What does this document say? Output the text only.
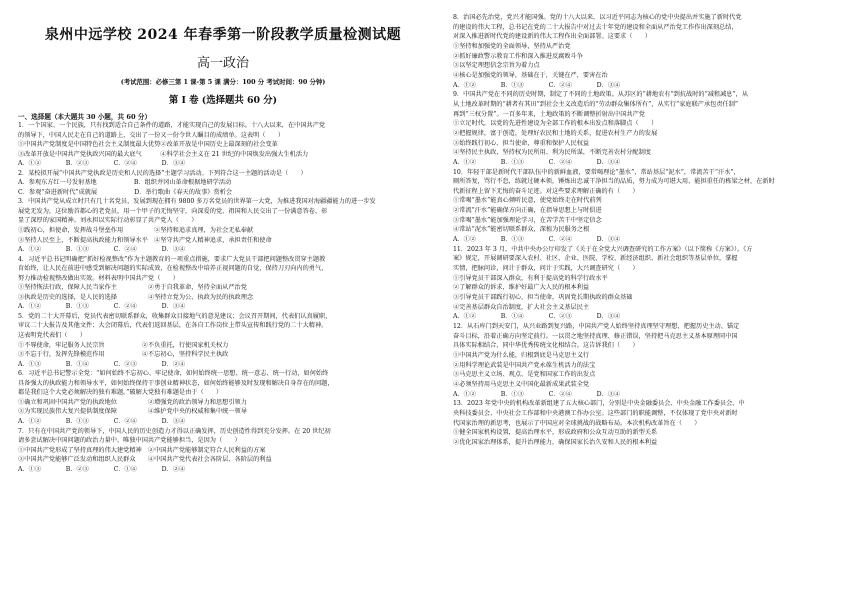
泉州中远学校 2024 年春季第一阶段教学质量检测试题
高一政治
(考试范围：必修三第 1 课-第 5 课 满分：100 分 考试时间：90 分钟)
第 I 卷 (选择题共 60 分)
一、选择题（本大题共 30 小题，共 60 分）
1．一个国家、一个民族，只有找到适合自己条件的道路，才能实现自己的发展目标。十八大以来，在中国共产党
的领导下，中国人民走在自己的道路上，交出了一份又一份令世人瞩目的成绩单。这表明（　　）
①中国共产党制度是中国特色社会主义制度最大优势②改革开放是中国历史上最深刻的社会变革
③改革开放是中国共产党执政兴国的最大底气　　　④科学社会主义在 21 世纪的中国焕发出强大生机活力
A．①②　　　　B．②③　　　　C．②④　　　　D．③④
2．某校拟开展“中国共产党执政是历史和人民的选择”主题学习活动。下列符合这一主题的活动是（　　）
A．参观东方红一号发射基地　　　　　　B．组织井冈山革命根据地研学活动
C．参观“奋进新时代”成就展　　　　　　D．举行歌曲《春天的故事》赏析会
3．中国共产党从成立时只有几十名党员，发展到现在拥有 9800 多万名党员的世界第一大党，为推进我国对海疆疆能力的进一步发
展党无发为，这位励首都心的老党员，用一个甲子的无悔坚守，向深爱的党、祖国和人民交出了一份满意答卷，彰
显了深厚的家国精神。刘永担以实际行动彰显了共产党人（　　）
①践初心，担使命，发挥战斗堡垒作用　　　　　②坚持和追求真理，为社会无私奉献
③坚持人民至上，不断提高执政能力和领导水平　④坚守共产党人精神追求，承担责任和使命
A．①②　　　　B．①③　　　　C．②④　　　　D．③④
4．习近平总书记明确把“抓好检视整改”作为主题教育的一项重点措施，要求广大党员干部把问题整改贯穿主题教
育始终，让人民在前进中感受到解决问题的实际成效，在检视整改中培养正视问题的自觉，保持刀刃向内的勇气，
努力推动检视整改做出实效。材料表明中国共产党（　　）
①坚持恢法行政，保障人民当家作主　　　　　②勇于自我革命，坚持全面从严治党
③执政是历史的选择，是人民的选择　　　　　④坚持立党为公、执政为民的执政理念
A．①②　　　　B．①③　　　　C．②④　　　　D．③④
5．党的二十大开幕后，党员代表密切联系群众，收集群众目接地气的意见建议；会议召开期间，代表们认真履职，
审议二十大报告及其他文件；大会闭幕后，代表们返回基层，在各自工作岗位上带头宣传和践行党的二十大精神。
这表明党代表们（　　）
①不辱使命，牢记服务人民宗旨　　　　　　②不负重托，行使国家机关权力
③不忘于行，发挥先锋模范作用　　　　　　④不忘初心，坚持科学民主执政
A．①③　　　　B．①④　　　　C．②③　　　　D．②④
6．习近平总书记警示全党：“如何始终不忘初心、牢记使命，如何始终统一思想、统一意志、统一行动，如何始终
具备强大的执政能力和领导水平，如何始终保持干事创业精神状态，如何始终能够及时发现和解决自身存在的问题，
都是我们这个大党必须解决的独有难题。”破解大党独有难题是由于（　　）
①确立和巩固中国共产党的执政地位　　　　　②增强党的政治领导力和思想引领力
③为实现民族伟大复兴提供制度保障　　　　　④维护党中央的权威和集中统一领导
A．①②　　　　B．①③　　　　C．②④　　　　D．③④
7．只有在中国共产党的领导下，中国人民的历史创造力才得以正确发挥，历史创造性得到充分发挥。在 20 世纪初
请多尝试解决中国问题的政治力量中，唯独中国共产党能够担当，是因为（　　）
①中国共产党形成了坚持真理的伟大建党精神　②中国共产党能够制定符合人民利益的方案
③中国共产党能够广泛发动和组织人民群众　　④中国共产党代表社会各阶层、各阶层的利益
A．①③　　　　B．②③　　　　C．①④　　　　D．②④
8．治国必先治党，党兴才能国强。党的十八大以来，以习近平同志为核心的党中央提出并实施了新时代党
的建设的伟大工程，总书记在党的二十大报告中对过去十年党的建设和全面从严治党工作作出深刻总结，
对深入推进新时代党的建设新的伟大工程作出全面部署。这要求（　　）
①坚持和加强党的全面领导，坚持从严治党
②抓好廉政警示教育工作和深入推进反腐败斗争
③以坚定理想信念宗旨为着力点
④核心是加强党的领导，基础在于，关键在严，要害在治
A．①②　　　　B．①③　　　　C．②④　　　　D．③④
9．中国共产党在不同的历史时期，制定了不同的土地政策。从苏区的“耕地农有”到抗战时的“减租减息”，从
从土地改革时期的“耕者有其田”到社会主义改造后的“劳动群众集体所有”，从实行“家庭联产承包责任制”
再到“三权分置”。一百多年来，土地政策的不断调整折射出中国共产党
①立足时代，以党的先进性建设为全部工作的根本出发点和落脚点（　　）
②把握规律，富于创造，处理好农民和土地的关系，促进农村生产力的发展
③始终践行初心、担当使命，尊重和保护人民权益
④坚持民主执政，坚持权为民所用、利为民所谋，不断完善农村分配制度
A．①②　　　　B．①③　　　　C．②④　　　　D．③④
10．年轻干部是新时代干部队伍中的新鲜血液，要常喝理论“墨水”，常站基层“泥水”，常流苦干“汗水”，
厕所答复，骂行不怠，练就过硬本领，锤炼出忠诚干净担当的品质，努力成为可堪大用、能担重任的栋梁之材，在新时
代新征程上留下无悔的奋斗足迹。对这些要求理解正确的有（　　）
①常喝“墨水”能真心倾听民意，使党始终走在时代前列
②常流“汗水”能确保方向正确，在指导思想上与时俱进
③常喝“墨水”能加强理论学习，在苦学苦干中坚定信念
④常站“泥水”能密切联系群众，深植为民服务之根
A．①②　　　　B．①③　　　　C．②④　　　　D．③④
11．2023 年 3 月，中共中央办公厅印发了《关于在全党大兴调查研究的工作方案》（以下简称《方案》）。《方
案》规定，开展调研要深入农村、社区、企业、医院、学校、新经济组织、新社会组织等基层单位，掌握
实情，把脉问诊，问计于群众，问计于实践，大兴调查研究（　　）
①引导党员干部深入群众，有利于提高党的科学行政水平
②了解群众的诉求，维护好最广大人民的根本利益
③引导党员干部践行初心、担当使命，巩固党长期执政的群众基础
④完善基层群众自治制度，扩大社会主义基层民主
A．①②　　　　B．①④　　　　C．②③　　　　D．③④
12．从石库门到天安门，从兴业路到复兴路，中国共产党人始终坚持真理坚守理想，把握历史主动、锚定
奋斗目标，沿着正确方向坚定前行。一以贯之地坚持真理、修正错误，坚持把马克思主义基本原理同中国
具体实际相结合，同中华优秀传统文化相结合。这告诉我们（　　）
①中国共产党为什么能，归根到底是马克思主义行
②用科学理论武装是中国共产党永葆生机活力的法宝
③马克思主义立场、观点、是党和国家工作的出发点
④必须坚持用马克思主义中国化最新成果武装全党
A．①②　　　　B．①③　　　　C．②④　　　　D．③④
13．2023 年党中央的机构改革新组建了五大核心部门，分别是中央金融委员会、中央金融工作委员会、中
央科技委员会、中央社会工作部和中央港澳工作办公室。这些部门的职能调整，不仅体现了党中央对新时
代国家治理的新思考，也展示了中国应对全球挑战的战略布局。本次机构改革旨在（　　）
①健全国家机构设置，提高治理水平，形成政府和公众互动互助的新型关系
②优化国家治理体系，提升治理能力，确保国家长治久安和人民的根本利益
